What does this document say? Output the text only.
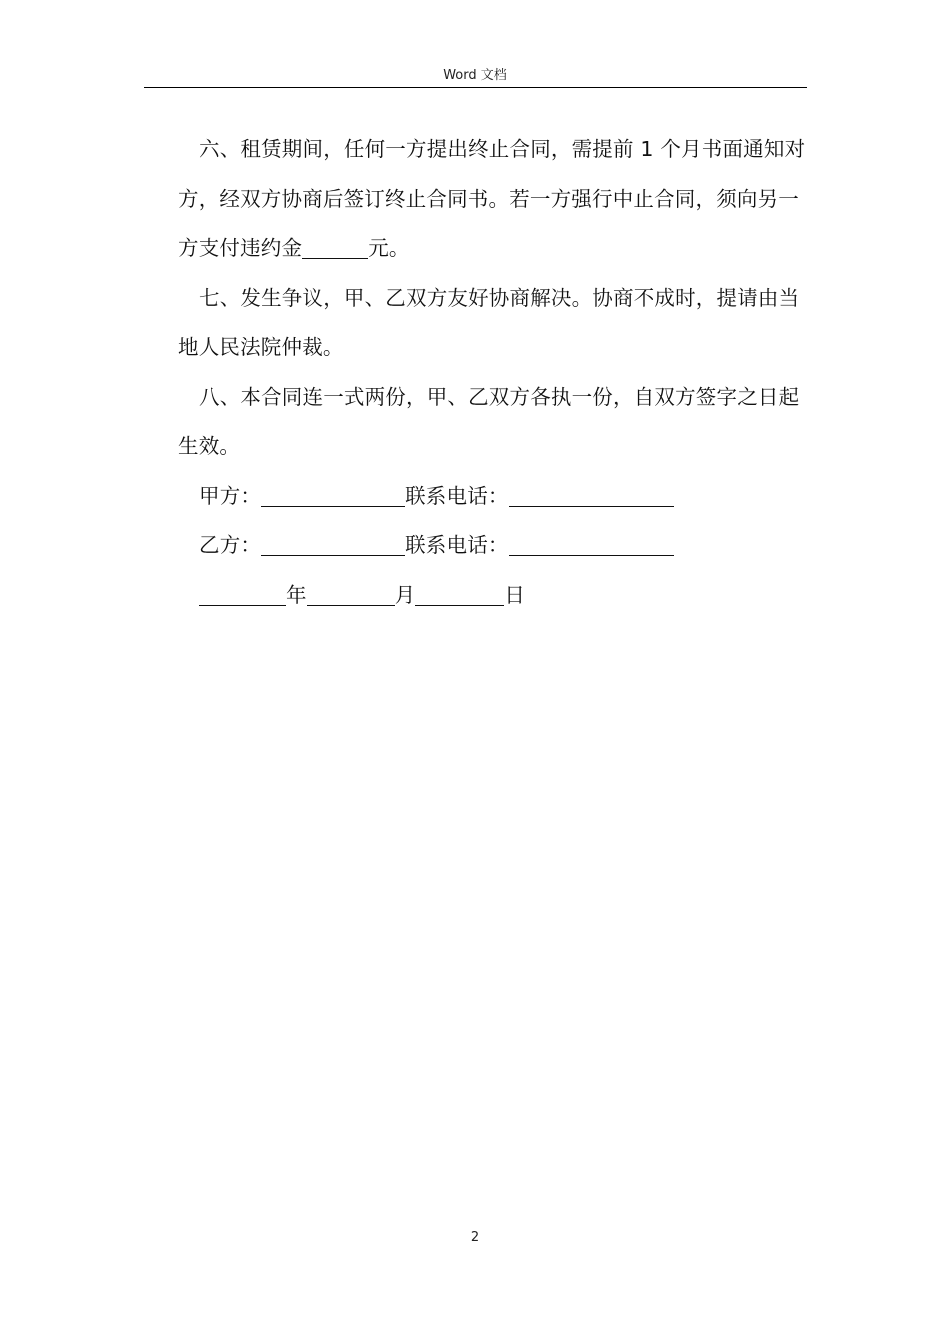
Word 文档

六、租赁期间，任何一方提出终止合同，需提前 1 个月书面通知对方，经双方协商后签订终止合同书。若一方强行中止合同，须向另一方支付违约金	元。

七、发生争议，甲、乙双方友好协商解决。协商不成时，提请由当地人民法院仲裁。

八、本合同连一式两份，甲、乙双方各执一份，自双方签字之日起生效。

甲方：	联系电话：

乙方：	联系电话：

年	月	日

2
